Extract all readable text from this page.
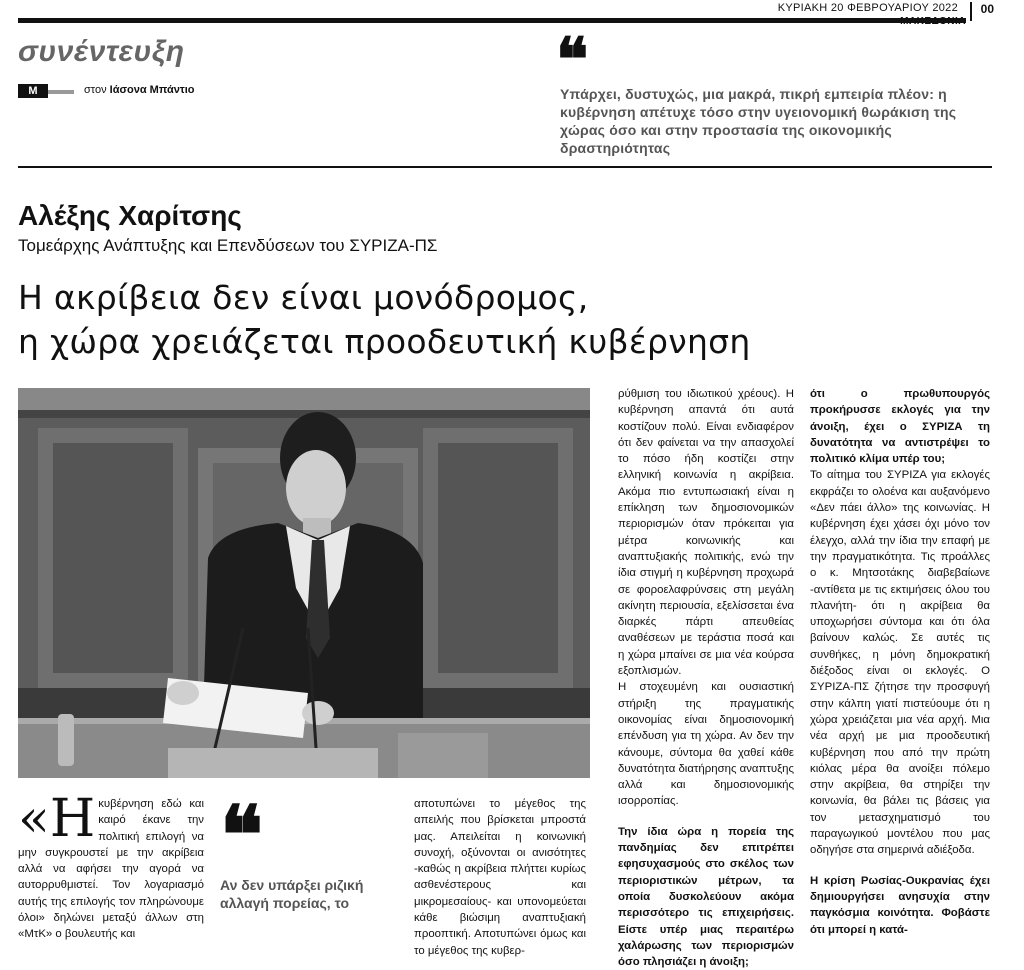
ΚΥΡΙΑΚΗ 20 ΦΕΒΡΟΥΑΡΙΟΥ 2022	00
συνέντευξη
M	στον Ιάσονα Μπάντιο	❝
Υπάρχει, δυστυχώς, μια μακρά, πικρή εμπειρία πλέον: η κυβέρνηση απέτυχε τόσο στην υγειονομική θωράκιση της χώρας όσο και στην προστασία της οικονομικής δραστηριότητας
Αλέξης Χαρίτσης
Τομεάρχης Ανάπτυξης και Επενδύσεων του ΣΥΡΙΖΑ-ΠΣ
Η ακρίβεια δεν είναι μονόδρομος,
η χώρα χρειάζεται προοδευτική κυβέρνηση
«Η κυβέρνηση εδώ και καιρό έκανε την πολιτική επιλογή να μην συγκρουστεί με την ακρίβεια αλλά να αφήσει την αγορά να αυτορρυθμιστεί. Τον λογαριασμό αυτής της επιλογής τον πληρώνουμε όλοι» δηλώνει μεταξύ άλλων στη «ΜτΚ» ο βουλευτής και
❝
Αν δεν υπάρξει ριζική αλλαγή πορείας, το
αποτυπώνει το μέγεθος της απειλής που βρίσκεται μπροστά μας. Απειλείται η κοινωνική συνοχή, οξύνονται οι ανισότητες -καθώς η ακρίβεια πλήττει κυρίως ασθενέστερους και μικρομεσαίους- και υπονομεύεται κάθε βιώσιμη αναπτυξιακή προοπτική. Αποτυπώνει όμως και το μέγεθος της κυβερ-

ρύθμιση του ιδιωτικού χρέους). Η κυβέρνηση απαντά ότι αυτά κοστίζουν πολύ. Είναι ενδιαφέρον ότι δεν φαίνεται να την απασχολεί το πόσο ήδη κοστίζει στην ελληνική κοινωνία η ακρίβεια. Ακόμα πιο εντυπωσιακή είναι η επίκληση των δημοσιονομικών περιορισμών όταν πρόκειται για μέτρα κοινωνικής και αναπτυξιακής πολιτικής, ενώ την ίδια στιγμή η κυβέρνηση προχωρά σε φοροελαφρύνσεις στη μεγάλη ακίνητη περιουσία, εξελίσσεται ένα διαρκές πάρτι απευθείας αναθέσεων με τεράστια ποσά και η χώρα μπαίνει σε μια νέα κούρσα εξοπλισμών.

Η στοχευμένη και ουσιαστική στήριξη της πραγματικής οικονομίας είναι δημοσιονομική επένδυση για τη χώρα. Αν δεν την κάνουμε, σύντομα θα χαθεί κάθε δυνατότητα διατήρησης αναπτυξης αλλά και δημοσιονομικής ισορροπίας.

Την ίδια ώρα η πορεία της πανδημίας δεν επιτρέπει εφησυχασμούς στο σκέλος των περιοριστικών μέτρων, τα οποία δυσκολεύουν ακόμα περισσότερο τις επιχειρήσεις. Είστε υπέρ μιας περαιτέρω χαλάρωσης των περιορισμών όσο πλησιάζει η άνοιξη;

ότι ο πρωθυπουργός προκήρυσσε εκλογές για την άνοιξη, έχει ο ΣΥΡΙΖΑ τη δυνατότητα να αντιστρέψει το πολιτικό κλίμα υπέρ του;

Το αίτημα του ΣΥΡΙΖΑ για εκλογές εκφράζει το ολοένα και αυξανόμενο «Δεν πάει άλλο» της κοινωνίας. Η κυβέρνηση έχει χάσει όχι μόνο τον έλεγχο, αλλά την ίδια την επαφή με την πραγματικότητα. Τις προάλλες ο κ. Μητσοτάκης διαβεβαίωνε -αντίθετα με τις εκτιμήσεις όλου του πλανήτη- ότι η ακρίβεια θα υποχωρήσει σύντομα και ότι όλα βαίνουν καλώς. Σε αυτές τις συνθήκες, η μόνη δημοκρατική διέξοδος είναι οι εκλογές. Ο ΣΥΡΙΖΑ-ΠΣ ζήτησε την προσφυγή στην κάλπη γιατί πιστεύουμε ότι η χώρα χρειάζεται μια νέα αρχή. Μια νέα αρχή με μια προοδευτική κυβέρνηση που από την πρώτη κιόλας μέρα θα ανοίξει πόλεμο στην ακρίβεια, θα στηρίξει την κοινωνία, θα βάλει τις βάσεις για τον μετασχηματισμό του παραγωγικού μοντέλου που μας οδηγήσε στα σημερινά αδιέξοδα.

Η κρίση Ρωσίας-Ουκρανίας έχει δημιουργήσει ανησυχία στην παγκόσμια κοινότητα. Φοβάστε ότι μπορεί η κατά-
